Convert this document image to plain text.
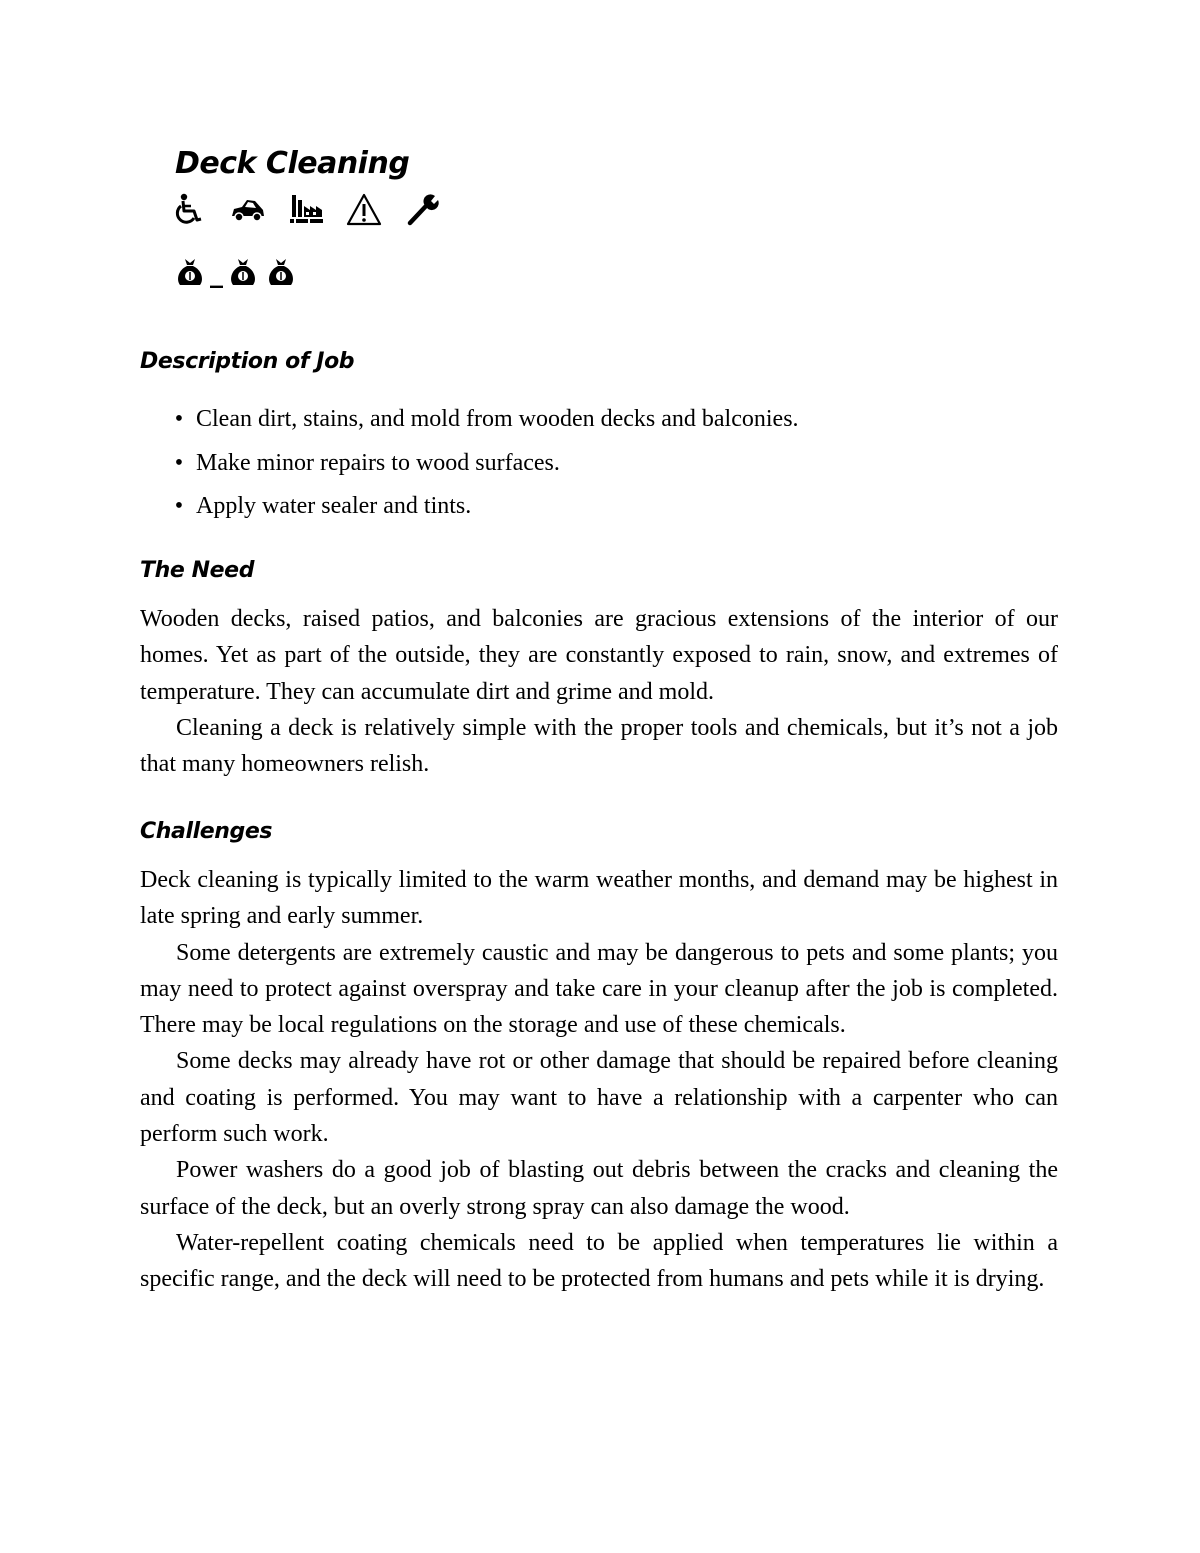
Deck Cleaning
_
Description of Job
• Clean dirt, stains, and mold from wooden decks and balconies.
• Make minor repairs to wood surfaces.
• Apply water sealer and tints.
The Need

Wooden decks, raised patios, and balconies are gracious extensions of the interior of our homes. Yet as part of the outside, they are constantly exposed to rain, snow, and extremes of temperature. They can accumulate dirt and grime and mold.

Cleaning a deck is relatively simple with the proper tools and chemicals, but it’s not a job that many homeowners relish.

Challenges

Deck cleaning is typically limited to the warm weather months, and demand may be highest in late spring and early summer.

Some detergents are extremely caustic and may be dangerous to pets and some plants; you may need to protect against overspray and take care in your cleanup after the job is completed. There may be local regulations on the storage and use of these chemicals.

Some decks may already have rot or other damage that should be repaired before cleaning and coating is performed. You may want to have a relationship with a carpenter who can perform such work.

Power washers do a good job of blasting out debris between the cracks and cleaning the surface of the deck, but an overly strong spray can also damage the wood.

Water-repellent coating chemicals need to be applied when temperatures lie within a specific range, and the deck will need to be protected from humans and pets while it is drying.
